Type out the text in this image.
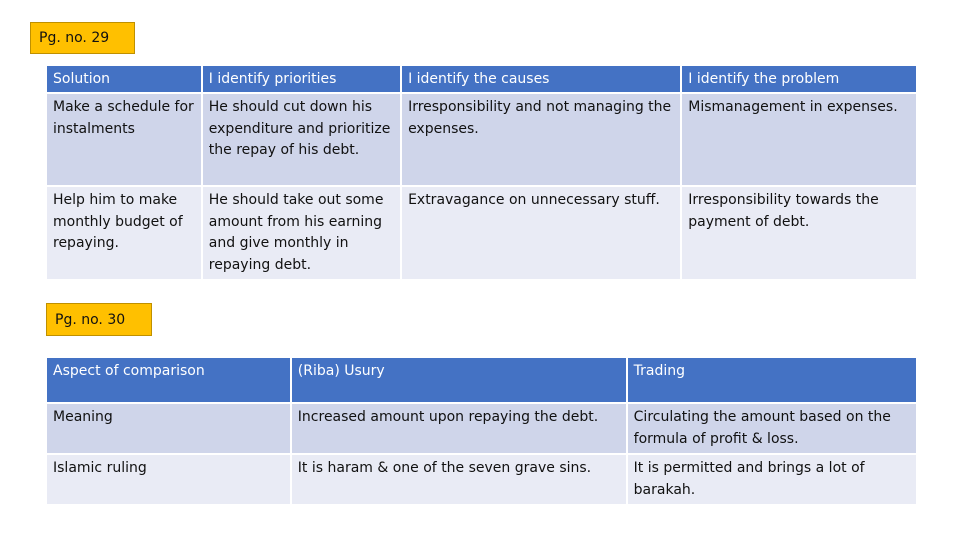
Pg. no. 29
Solution	I identify priorities	I identify the causes	I identify the problem
Make a schedule for instalments	He should cut down his expenditure and prioritize the repay of his debt.	Irresponsibility and not managing the expenses.	Mismanagement in expenses.
Help him to make monthly budget of repaying.	He should take out some amount from his earning and give monthly in repaying debt.	Extravagance on unnecessary stuff.	Irresponsibility towards the payment of debt.
Pg. no. 30
Aspect of comparison	(Riba) Usury	Trading
Meaning	Increased amount upon repaying the debt.	Circulating the amount based on the formula of profit & loss.
Islamic ruling	It is haram & one of the seven grave sins.	It is permitted and brings a lot of barakah.
